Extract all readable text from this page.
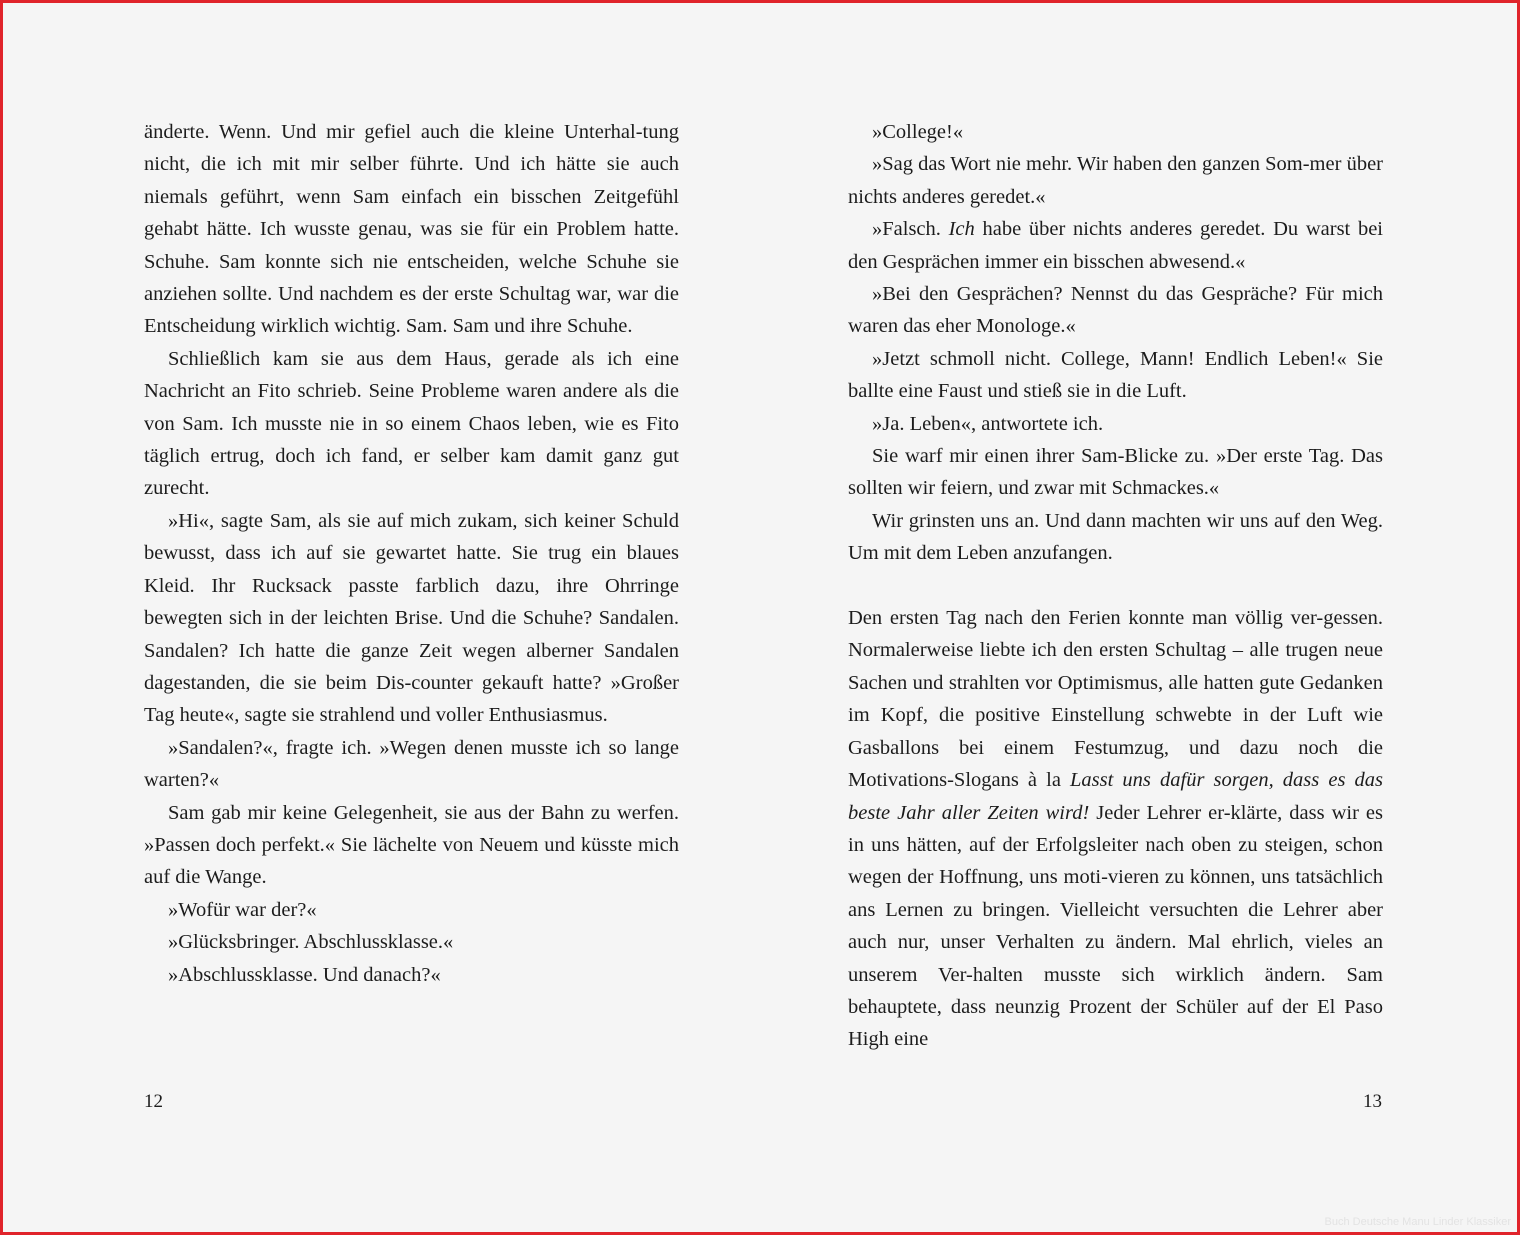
änderte. Wenn. Und mir gefiel auch die kleine Unterhal-tung nicht, die ich mit mir selber führte. Und ich hätte sie auch niemals geführt, wenn Sam einfach ein bisschen Zeitgefühl gehabt hätte. Ich wusste genau, was sie für ein Problem hatte. Schuhe. Sam konnte sich nie entscheiden, welche Schuhe sie anziehen sollte. Und nachdem es der erste Schultag war, war die Entscheidung wirklich wichtig. Sam. Sam und ihre Schuhe.

Schließlich kam sie aus dem Haus, gerade als ich eine Nachricht an Fito schrieb. Seine Probleme waren andere als die von Sam. Ich musste nie in so einem Chaos leben, wie es Fito täglich ertrug, doch ich fand, er selber kam damit ganz gut zurecht.

»Hi«, sagte Sam, als sie auf mich zukam, sich keiner Schuld bewusst, dass ich auf sie gewartet hatte. Sie trug ein blaues Kleid. Ihr Rucksack passte farblich dazu, ihre Ohrringe bewegten sich in der leichten Brise. Und die Schuhe? Sandalen. Sandalen? Ich hatte die ganze Zeit wegen alberner Sandalen dagestanden, die sie beim Dis-counter gekauft hatte? »Großer Tag heute«, sagte sie strahlend und voller Enthusiasmus.

»Sandalen?«, fragte ich. »Wegen denen musste ich so lange warten?«

Sam gab mir keine Gelegenheit, sie aus der Bahn zu werfen. »Passen doch perfekt.« Sie lächelte von Neuem und küsste mich auf die Wange.

»Wofür war der?«

»Glücksbringer. Abschlussklasse.«

»Abschlussklasse. Und danach?«

»College!«

»Sag das Wort nie mehr. Wir haben den ganzen Som-mer über nichts anderes geredet.«

»Falsch. Ich habe über nichts anderes geredet. Du warst bei den Gesprächen immer ein bisschen abwesend.«

»Bei den Gesprächen? Nennst du das Gespräche? Für mich waren das eher Monologe.«

»Jetzt schmoll nicht. College, Mann! Endlich Leben!« Sie ballte eine Faust und stieß sie in die Luft.

»Ja. Leben«, antwortete ich.

Sie warf mir einen ihrer Sam-Blicke zu. »Der erste Tag. Das sollten wir feiern, und zwar mit Schmackes.«

Wir grinsten uns an. Und dann machten wir uns auf den Weg. Um mit dem Leben anzufangen.

Den ersten Tag nach den Ferien konnte man völlig ver-gessen. Normalerweise liebte ich den ersten Schultag – alle trugen neue Sachen und strahlten vor Optimismus, alle hatten gute Gedanken im Kopf, die positive Einstellung schwebte in der Luft wie Gasballons bei einem Festumzug, und dazu noch die Motivations-Slogans à la Lasst uns dafür sorgen, dass es das beste Jahr aller Zeiten wird! Jeder Lehrer er-klärte, dass wir es in uns hätten, auf der Erfolgsleiter nach oben zu steigen, schon wegen der Hoffnung, uns moti-vieren zu können, uns tatsächlich ans Lernen zu bringen. Vielleicht versuchten die Lehrer aber auch nur, unser Verhalten zu ändern. Mal ehrlich, vieles an unserem Ver-halten musste sich wirklich ändern. Sam behauptete, dass neunzig Prozent der Schüler auf der El Paso High eine

12	13
Buch Deutsche Manu Linder Klassiker
